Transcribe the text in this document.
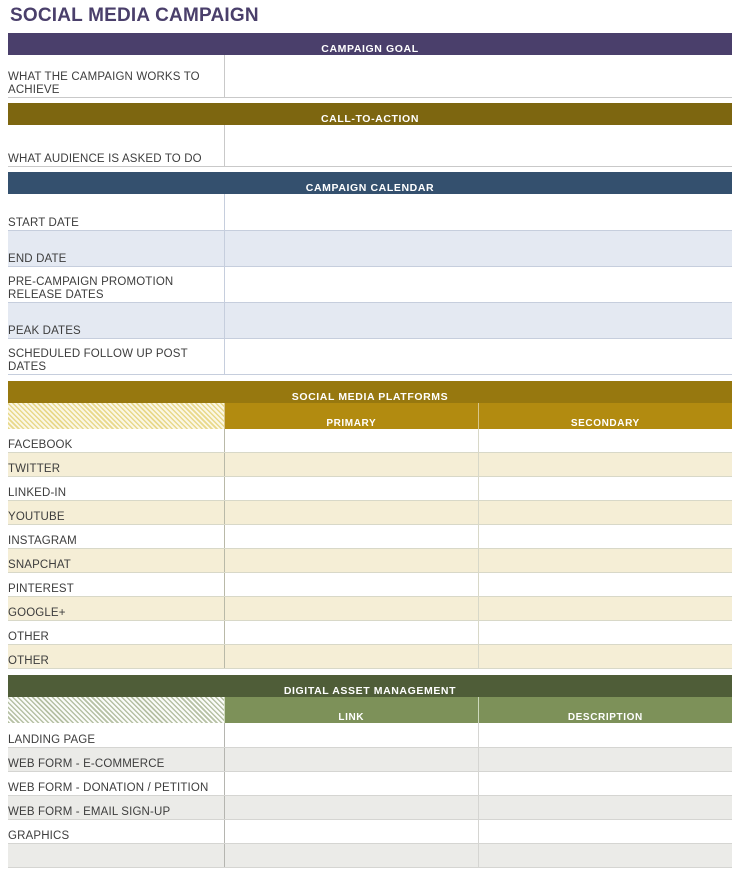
SOCIAL MEDIA CAMPAIGN
CAMPAIGN GOAL
WHAT THE CAMPAIGN WORKS TO ACHIEVE	
CALL-TO-ACTION
WHAT AUDIENCE IS ASKED TO DO	
CAMPAIGN CALENDAR	
START DATE	
END DATE	
PRE-CAMPAIGN PROMOTION RELEASE DATES	
PEAK DATES	
SCHEDULED FOLLOW UP POST DATES	
SOCIAL MEDIA PLATFORMS		
	PRIMARY	SECONDARY
FACEBOOK		
TWITTER		
LINKED-IN		
YOUTUBE		
INSTAGRAM		
SNAPCHAT		
PINTEREST		
GOOGLE+		
OTHER		
OTHER		
DIGITAL ASSET MANAGEMENT		
	LINK	DESCRIPTION
LANDING PAGE		
WEB FORM - E-COMMERCE		
WEB FORM - DONATION / PETITION		
WEB FORM - EMAIL SIGN-UP		
GRAPHICS		
